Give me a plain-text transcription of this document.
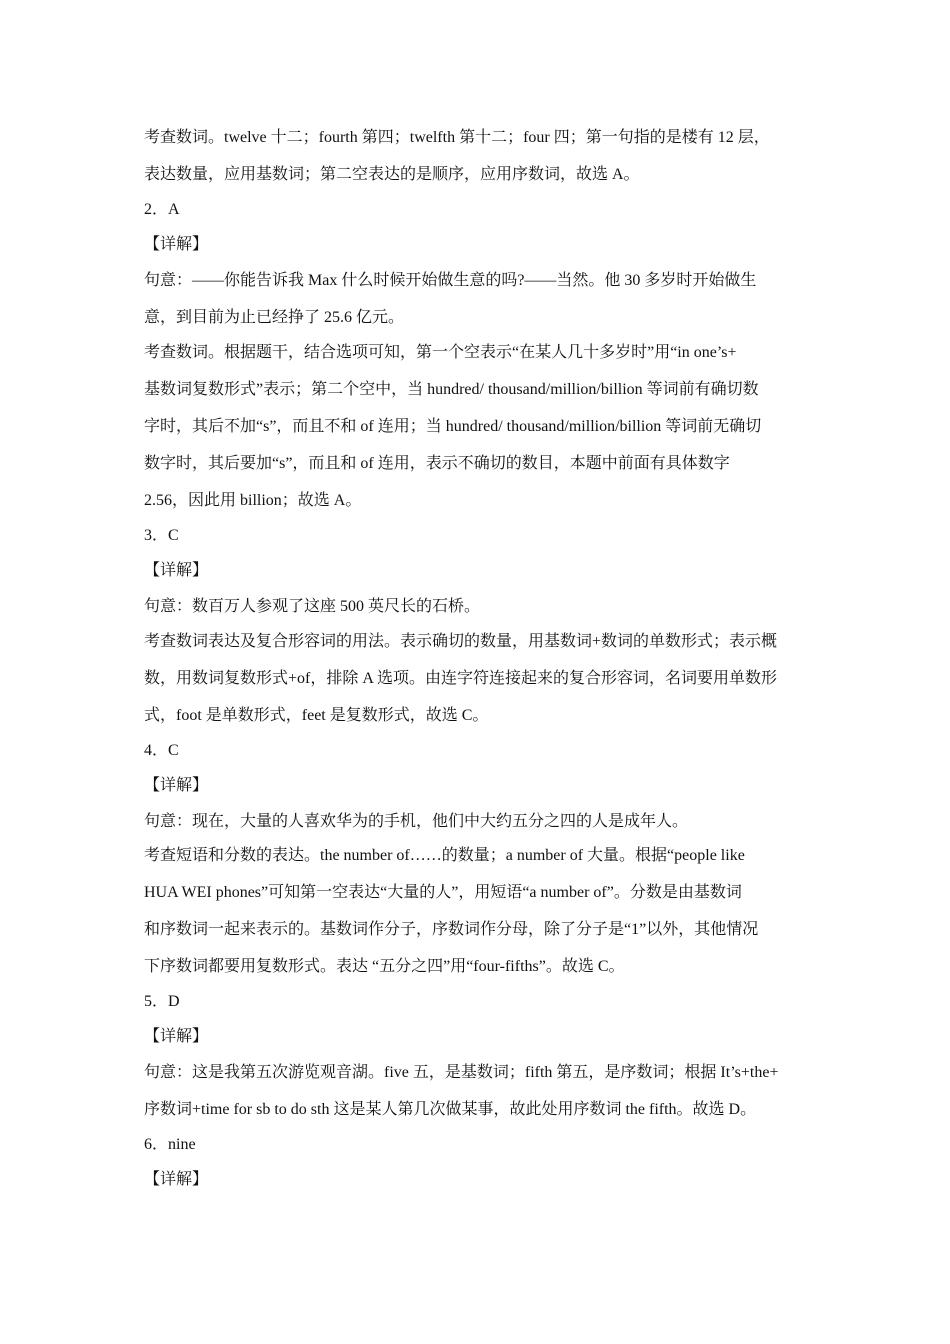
考查数词。twelve 十二；fourth 第四；twelfth 第十二；four 四；第一句指的是楼有 12 层，
表达数量，应用基数词；第二空表达的是顺序，应用序数词，故选 A。
2．A
【详解】
句意：——你能告诉我 Max 什么时候开始做生意的吗?——当然。他 30 多岁时开始做生
意，到目前为止已经挣了 25.6 亿元。
考查数词。根据题干，结合选项可知，第一个空表示“在某人几十多岁时”用“in one’s+
基数词复数形式”表示；第二个空中，当 hundred/ thousand/million/billion 等词前有确切数
字时，其后不加“s”，而且不和 of 连用；当 hundred/ thousand/million/billion 等词前无确切
数字时，其后要加“s”，而且和 of 连用，表示不确切的数目，本题中前面有具体数字
2.56，因此用 billion；故选 A。
3．C
【详解】
句意：数百万人参观了这座 500 英尺长的石桥。
考查数词表达及复合形容词的用法。表示确切的数量，用基数词+数词的单数形式；表示概
数，用数词复数形式+of，排除 A 选项。由连字符连接起来的复合形容词，名词要用单数形
式，foot 是单数形式，feet 是复数形式，故选 C。
4．C
【详解】
句意：现在，大量的人喜欢华为的手机，他们中大约五分之四的人是成年人。
考查短语和分数的表达。the number of……的数量；a number of 大量。根据“people like
HUA WEI phones”可知第一空表达“大量的人”，用短语“a number of”。分数是由基数词
和序数词一起来表示的。基数词作分子，序数词作分母，除了分子是“1”以外，其他情况
下序数词都要用复数形式。表达 “五分之四”用“four-fifths”。故选 C。
5．D
【详解】
句意：这是我第五次游览观音湖。five 五，是基数词；fifth 第五，是序数词；根据 It’s+the+
序数词+time for sb to do sth 这是某人第几次做某事，故此处用序数词 the fifth。故选 D。
6．nine
【详解】
